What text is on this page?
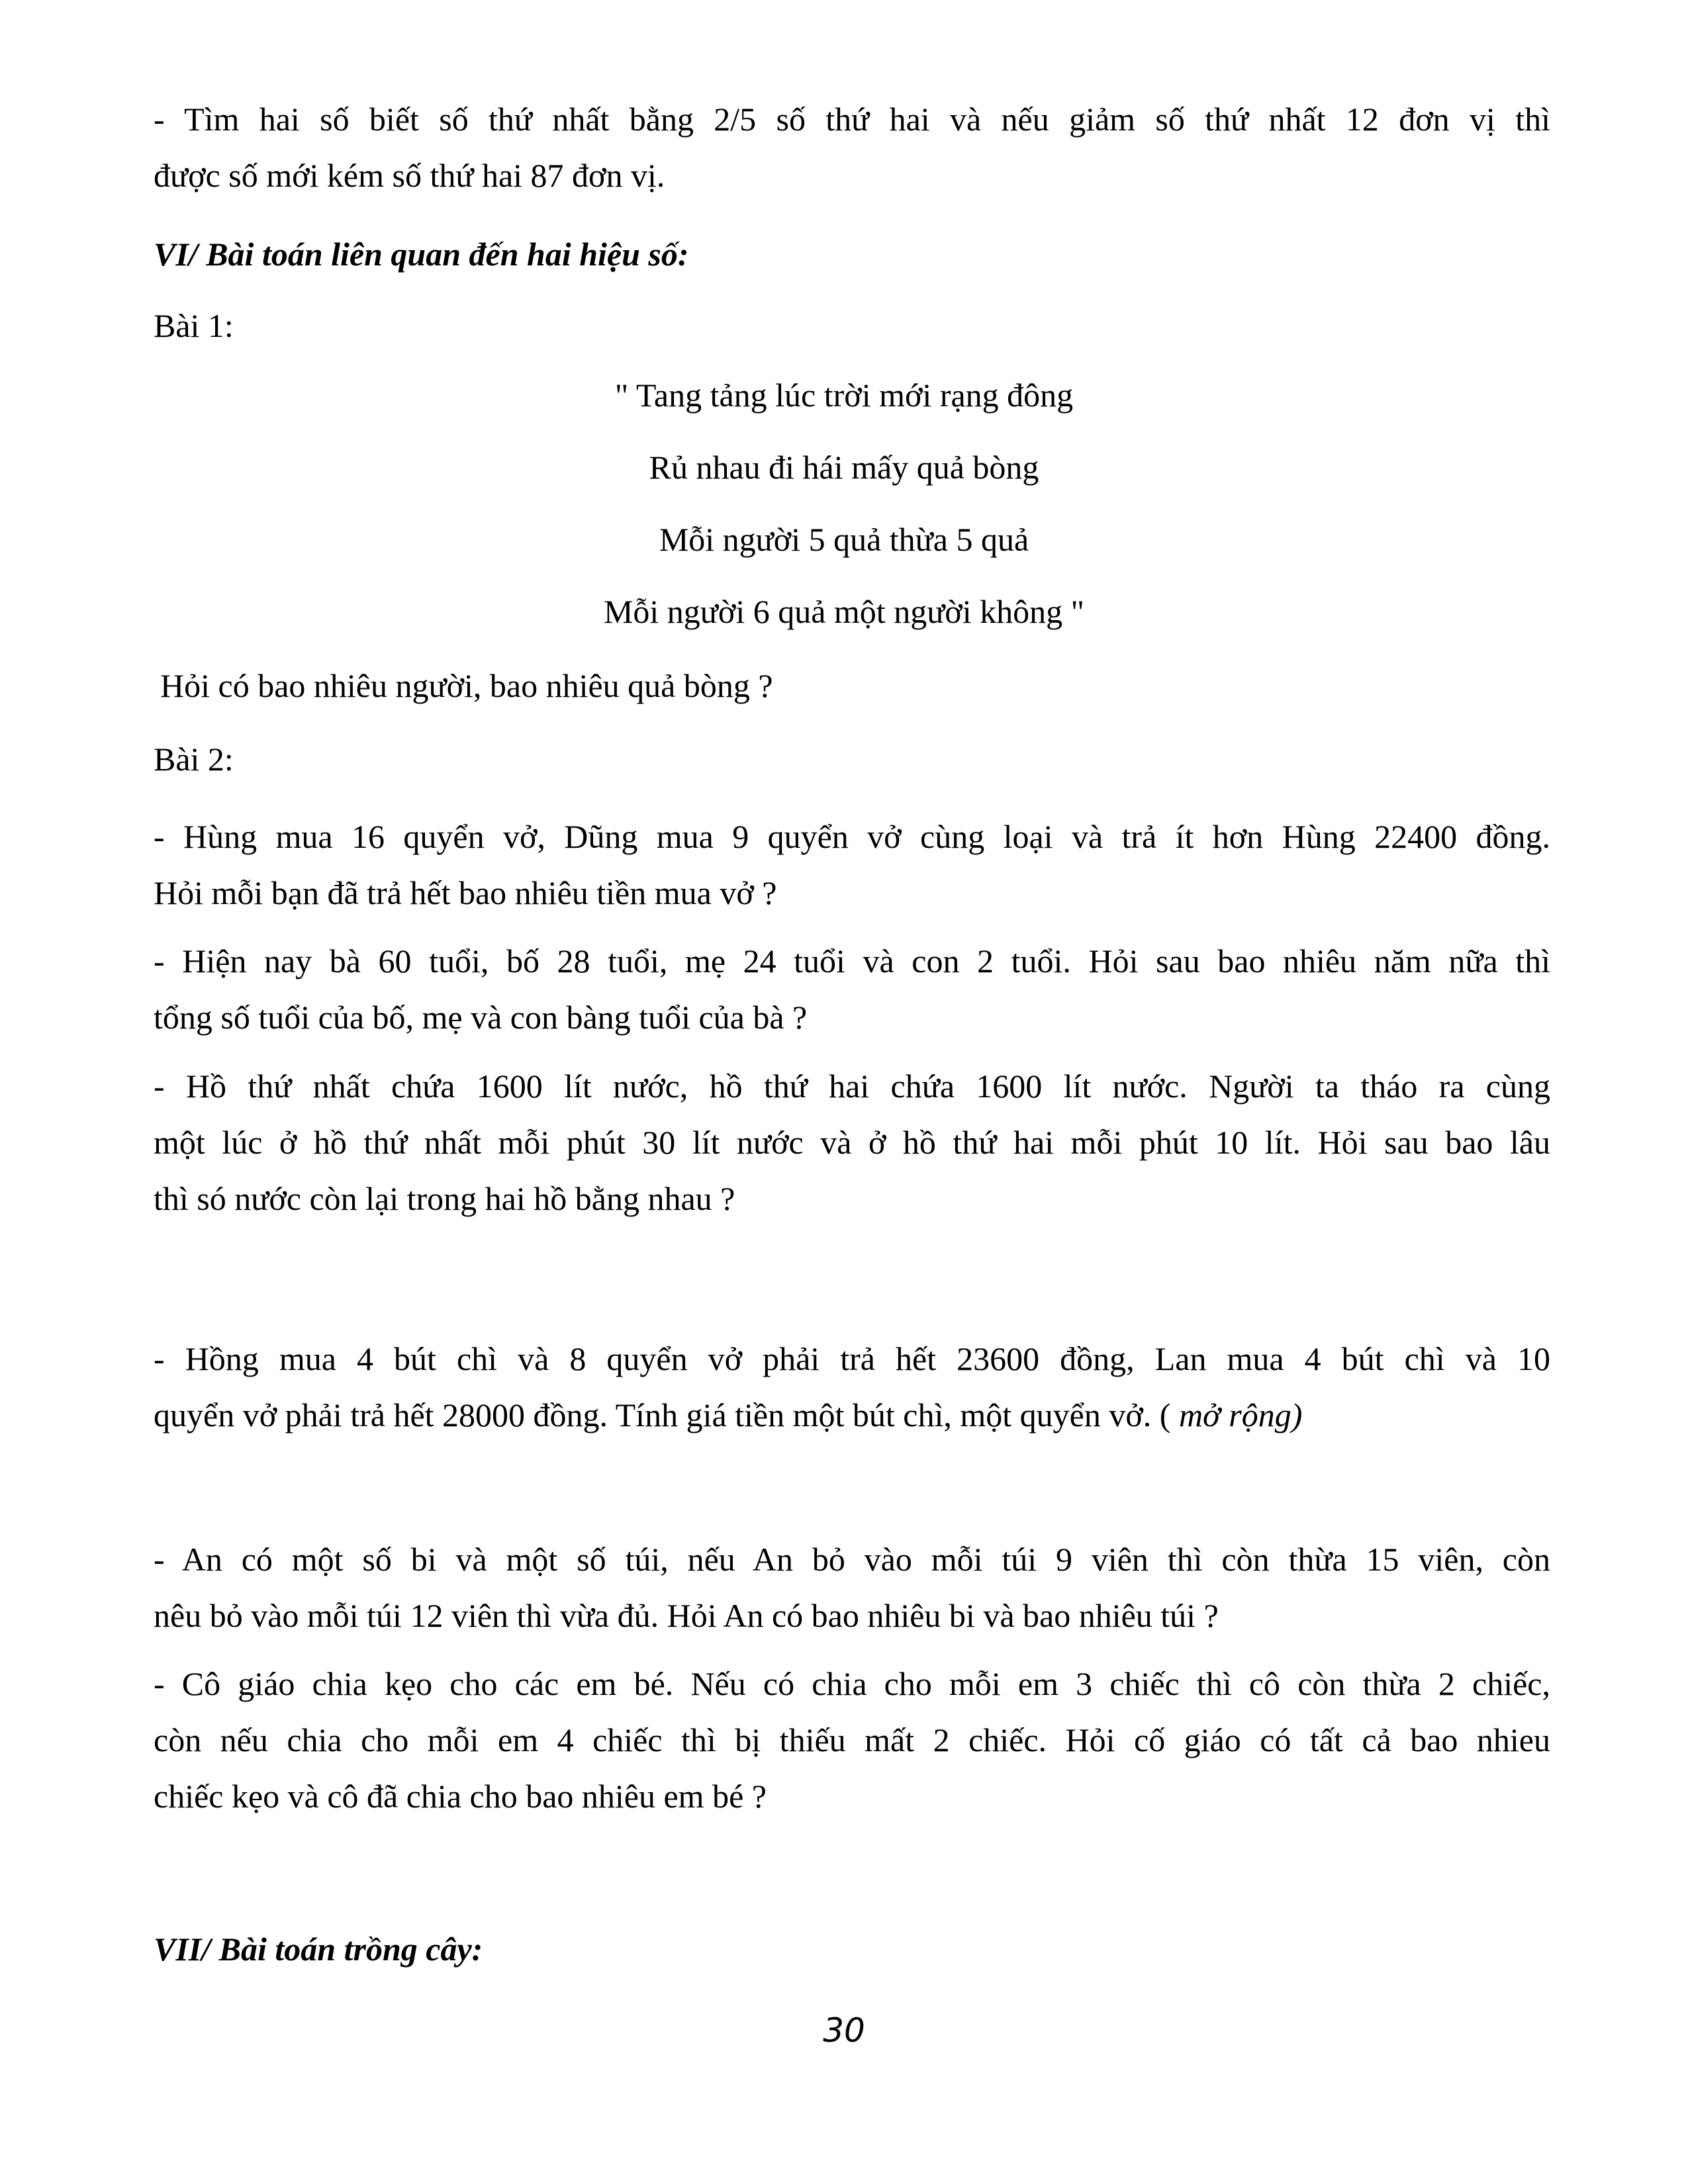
- Tìm hai số biết số thứ nhất bằng 2/5 số thứ hai và nếu giảm số thứ nhất 12 đơn vị thì
được số mới kém số thứ hai 87 đơn vị.
VI/ Bài toán liên quan đến hai hiệu số:
Bài 1:
" Tang tảng lúc trời mới rạng đông
Rủ nhau đi hái mấy quả bòng
Mỗi người 5 quả thừa 5 quả
Mỗi người 6 quả một người không "
Hỏi có bao nhiêu người, bao nhiêu quả bòng ?
Bài 2:
- Hùng mua 16 quyển vở, Dũng mua 9 quyển vở cùng loại và trả ít hơn Hùng 22400 đồng.
Hỏi mỗi bạn đã trả hết bao nhiêu tiền mua vở ?
- Hiện nay bà 60 tuổi, bố 28 tuổi, mẹ 24 tuổi và con 2 tuổi. Hỏi sau bao nhiêu năm nữa thì
tổng số tuổi của bố, mẹ và con bàng tuổi của bà ?
- Hồ thứ nhất chứa 1600 lít nước, hồ thứ hai chứa 1600 lít nước. Người ta tháo ra cùng
một lúc ở hồ thứ nhất mỗi phút 30 lít nước và ở hồ thứ hai mỗi phút 10 lít. Hỏi sau bao lâu
thì só nước còn lại trong hai hồ bằng nhau ?
- Hồng mua 4 bút chì và 8 quyển vở phải trả hết 23600 đồng, Lan mua 4 bút chì và 10
quyển vở phải trả hết 28000 đồng. Tính giá tiền một bút chì, một quyển vở. ( mở rộng)
- An có một số bi và một số túi, nếu An bỏ vào mỗi túi 9 viên thì còn thừa 15 viên, còn
nêu bỏ vào mỗi túi 12 viên thì vừa đủ. Hỏi An có bao nhiêu bi và bao nhiêu túi ?
- Cô giáo chia kẹo cho các em bé. Nếu có chia cho mỗi em 3 chiếc thì cô còn thừa 2 chiếc,
còn nếu chia cho mỗi em 4 chiếc thì bị thiếu mất 2 chiếc. Hỏi cố giáo có tất cả bao nhieu
chiếc kẹo và cô đã chia cho bao nhiêu em bé ?
VII/ Bài toán trồng cây:
30
